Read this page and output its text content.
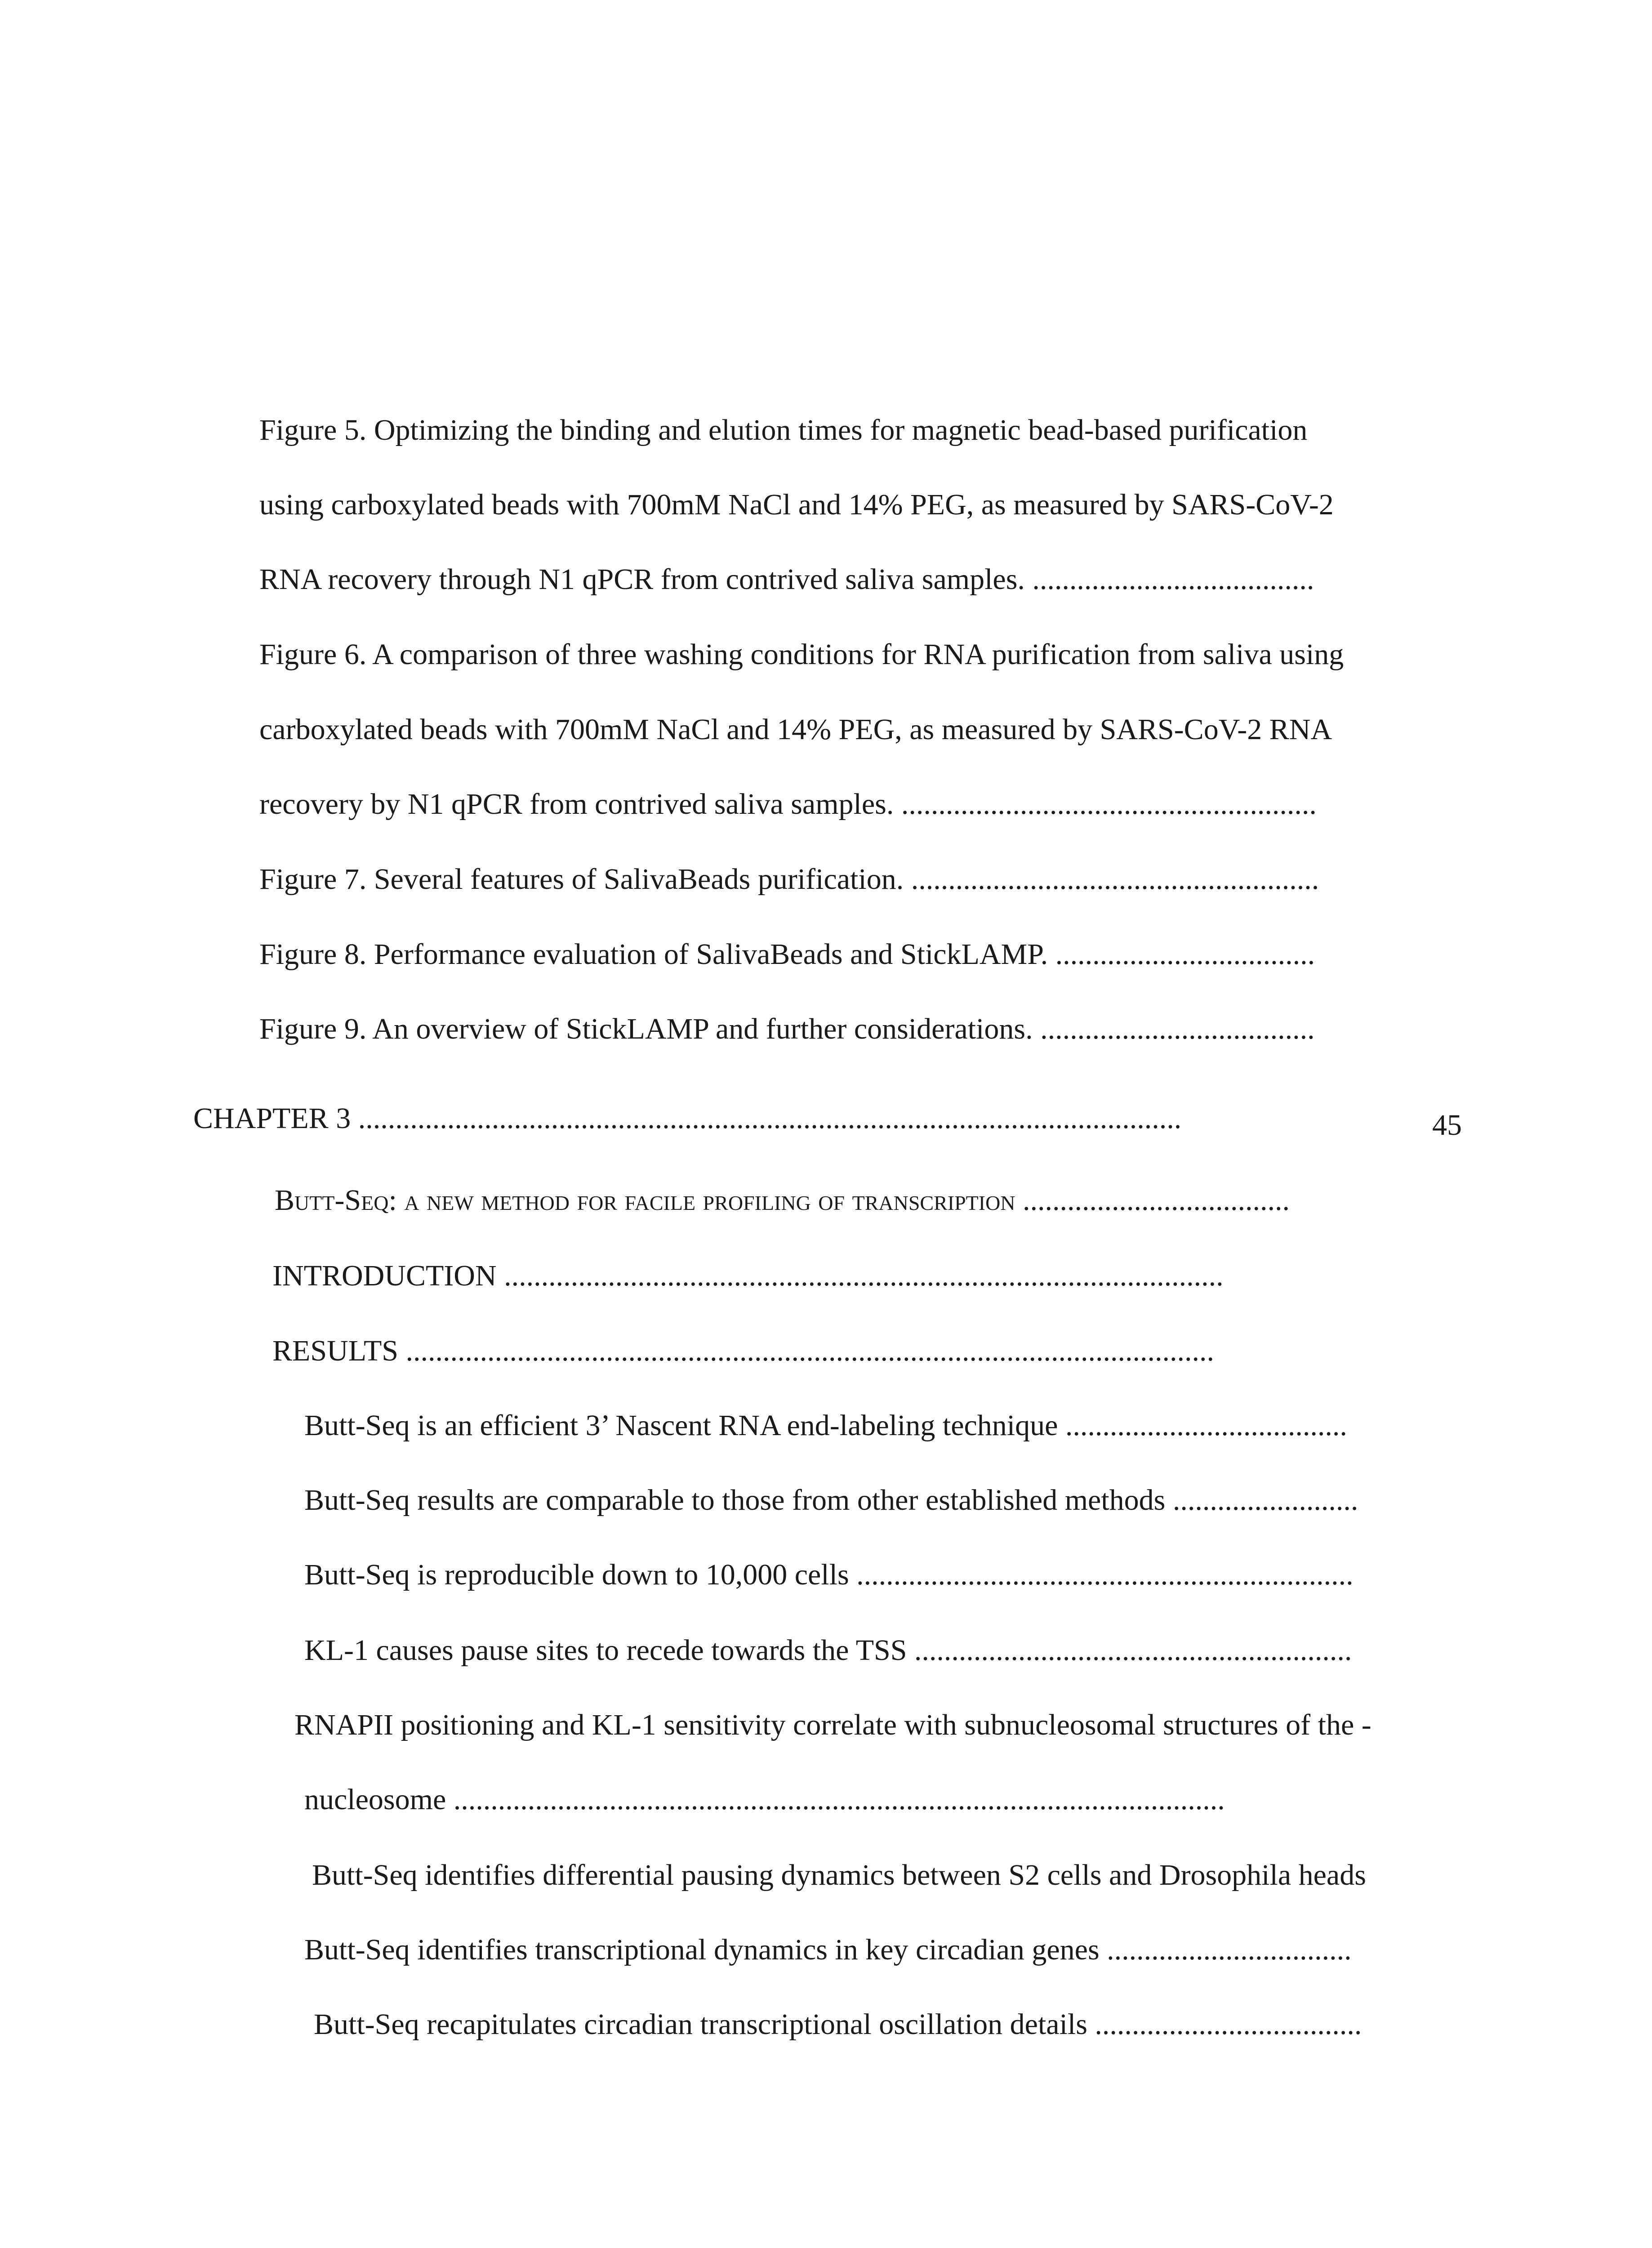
Figure 5. Optimizing the binding and elution times for magnetic bead-based purification
using carboxylated beads with 700mM NaCl and 14% PEG, as measured by SARS-CoV-2
RNA recovery through N1 qPCR from contrived saliva samples. ......................................
Figure 6. A comparison of three washing conditions for RNA purification from saliva using
carboxylated beads with 700mM NaCl and 14% PEG, as measured by SARS-CoV-2 RNA
recovery by N1 qPCR from contrived saliva samples. ........................................................
Figure 7. Several features of SalivaBeads purification. .......................................................
Figure 8. Performance evaluation of SalivaBeads and StickLAMP. ...................................
Figure 9. An overview of StickLAMP and further considerations. .....................................
CHAPTER 3 ...............................................................................................................	45
Butt-Seq: a new method for facile profiling of transcription ....................................
INTRODUCTION .................................................................................................
RESULTS .............................................................................................................
Butt-Seq is an efficient 3’ Nascent RNA end-labeling technique ......................................
Butt-Seq results are comparable to those from other established methods .........................
Butt-Seq is reproducible down to 10,000 cells ...................................................................
KL-1 causes pause sites to recede towards the TSS ...........................................................
RNAPII positioning and KL-1 sensitivity correlate with subnucleosomal structures of the -
nucleosome ........................................................................................................
Butt-Seq identifies differential pausing dynamics between S2 cells and Drosophila heads
Butt-Seq identifies transcriptional dynamics in key circadian genes .................................
Butt-Seq recapitulates circadian transcriptional oscillation details ....................................
